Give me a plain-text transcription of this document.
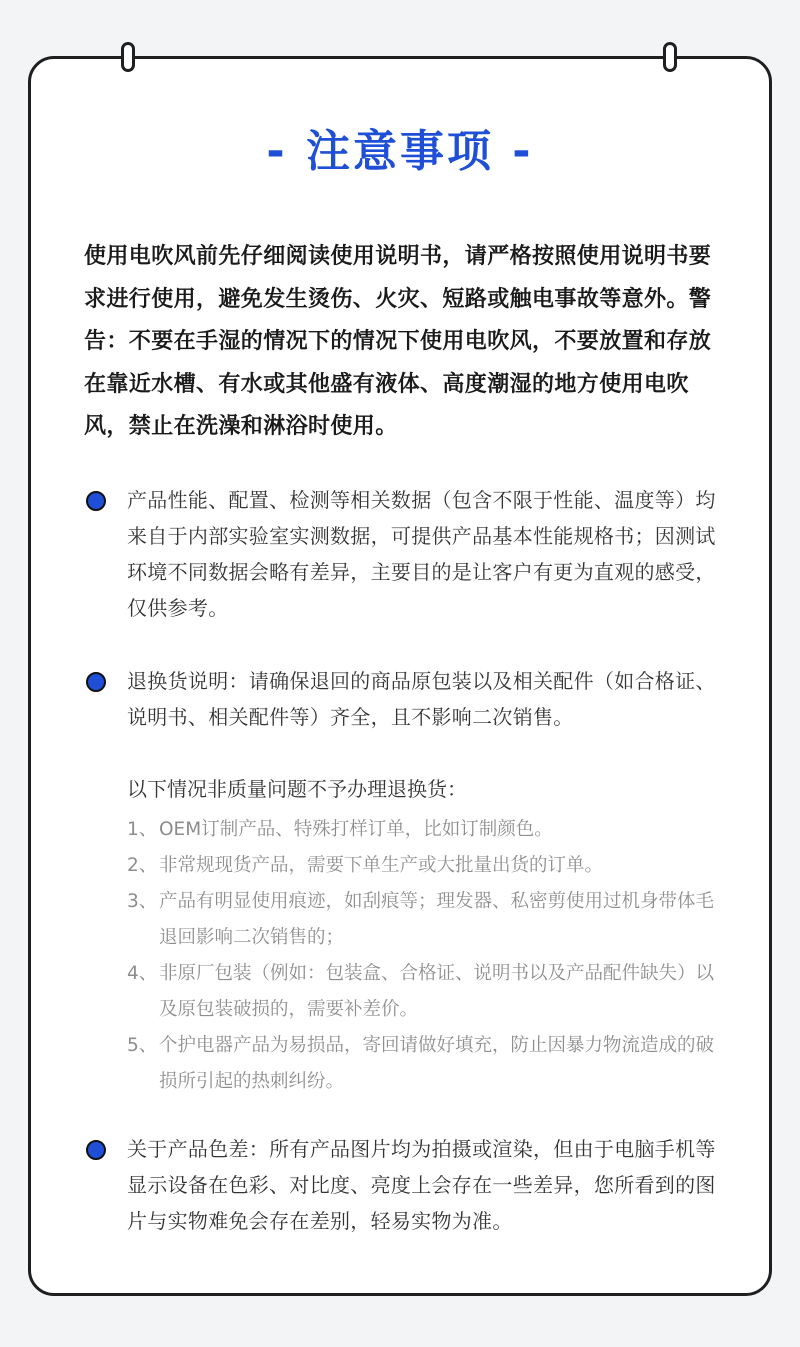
- 注意事项 -
使用电吹风前先仔细阅读使用说明书，请严格按照使用说明书要求进行使用，避免发生烫伤、火灾、短路或触电事故等意外。警告：不要在手湿的情况下的情况下使用电吹风，不要放置和存放在靠近水槽、有水或其他盛有液体、高度潮湿的地方使用电吹风，禁止在洗澡和淋浴时使用。
产品性能、配置、检测等相关数据（包含不限于性能、温度等）均来自于内部实验室实测数据，可提供产品基本性能规格书；因测试环境不同数据会略有差异，主要目的是让客户有更为直观的感受，仅供参考。
退换货说明：请确保退回的商品原包装以及相关配件（如合格证、说明书、相关配件等）齐全，且不影响二次销售。
以下情况非质量问题不予办理退换货：
1、 OEM订制产品、特殊打样订单，比如订制颜色。
2、 非常规现货产品，需要下单生产或大批量出货的订单。
3、 产品有明显使用痕迹，如刮痕等；理发器、私密剪使用过机身带体毛退回影响二次销售的；
4、 非原厂包装（例如：包装盒、合格证、说明书以及产品配件缺失）以及原包装破损的，需要补差价。
5、 个护电器产品为易损品，寄回请做好填充，防止因暴力物流造成的破损所引起的热刺纠纷。
关于产品色差：所有产品图片均为拍摄或渲染，但由于电脑手机等显示设备在色彩、对比度、亮度上会存在一些差异，您所看到的图片与实物难免会存在差别，轻易实物为准。
